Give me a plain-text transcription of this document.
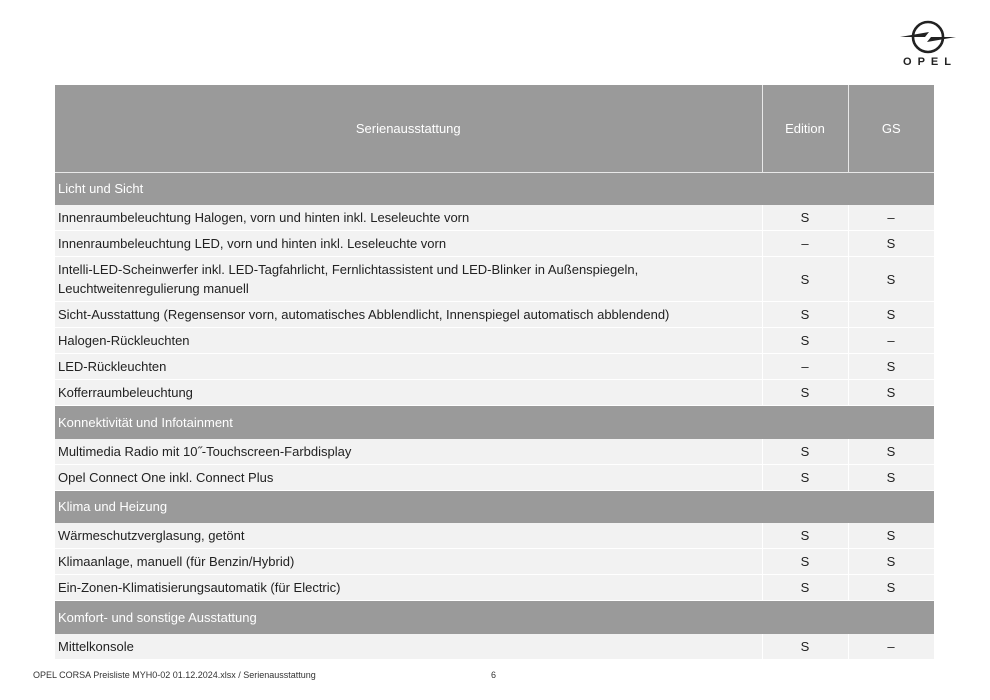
OPEL
Serienausstattung	Edition	GS
Licht und Sicht		
Innenraumbeleuchtung Halogen, vorn und hinten inkl. Leseleuchte vorn	S	–
Innenraumbeleuchtung LED, vorn und hinten inkl. Leseleuchte vorn	–	S

Intelli-LED-Scheinwerfer inkl. LED-Tagfahrlicht, Fernlichtassistent und LED-Blinker in Außenspiegeln,
Leuchtweitenregulierung manuell	S	S
Sicht-Ausstattung (Regensensor vorn, automatisches Abblendlicht, Innenspiegel automatisch abblendend)	S	S
Halogen-Rückleuchten	S	–
LED-Rückleuchten	–	S
Kofferraumbeleuchtung	S	S
Konnektivität und Infotainment		
Multimedia Radio mit 10˝-Touchscreen-Farbdisplay	S	S
Opel Connect One inkl. Connect Plus	S	S
Klima und Heizung		
Wärmeschutzverglasung, getönt	S	S
Klimaanlage, manuell (für Benzin/Hybrid)	S	S
Ein-Zonen-Klimatisierungsautomatik (für Electric)	S	S
Komfort- und sonstige Ausstattung		
Mittelkonsole	S	–
OPEL CORSA Preisliste MYH0-02 01.12.2024.xlsx / Serienausstattung	6
